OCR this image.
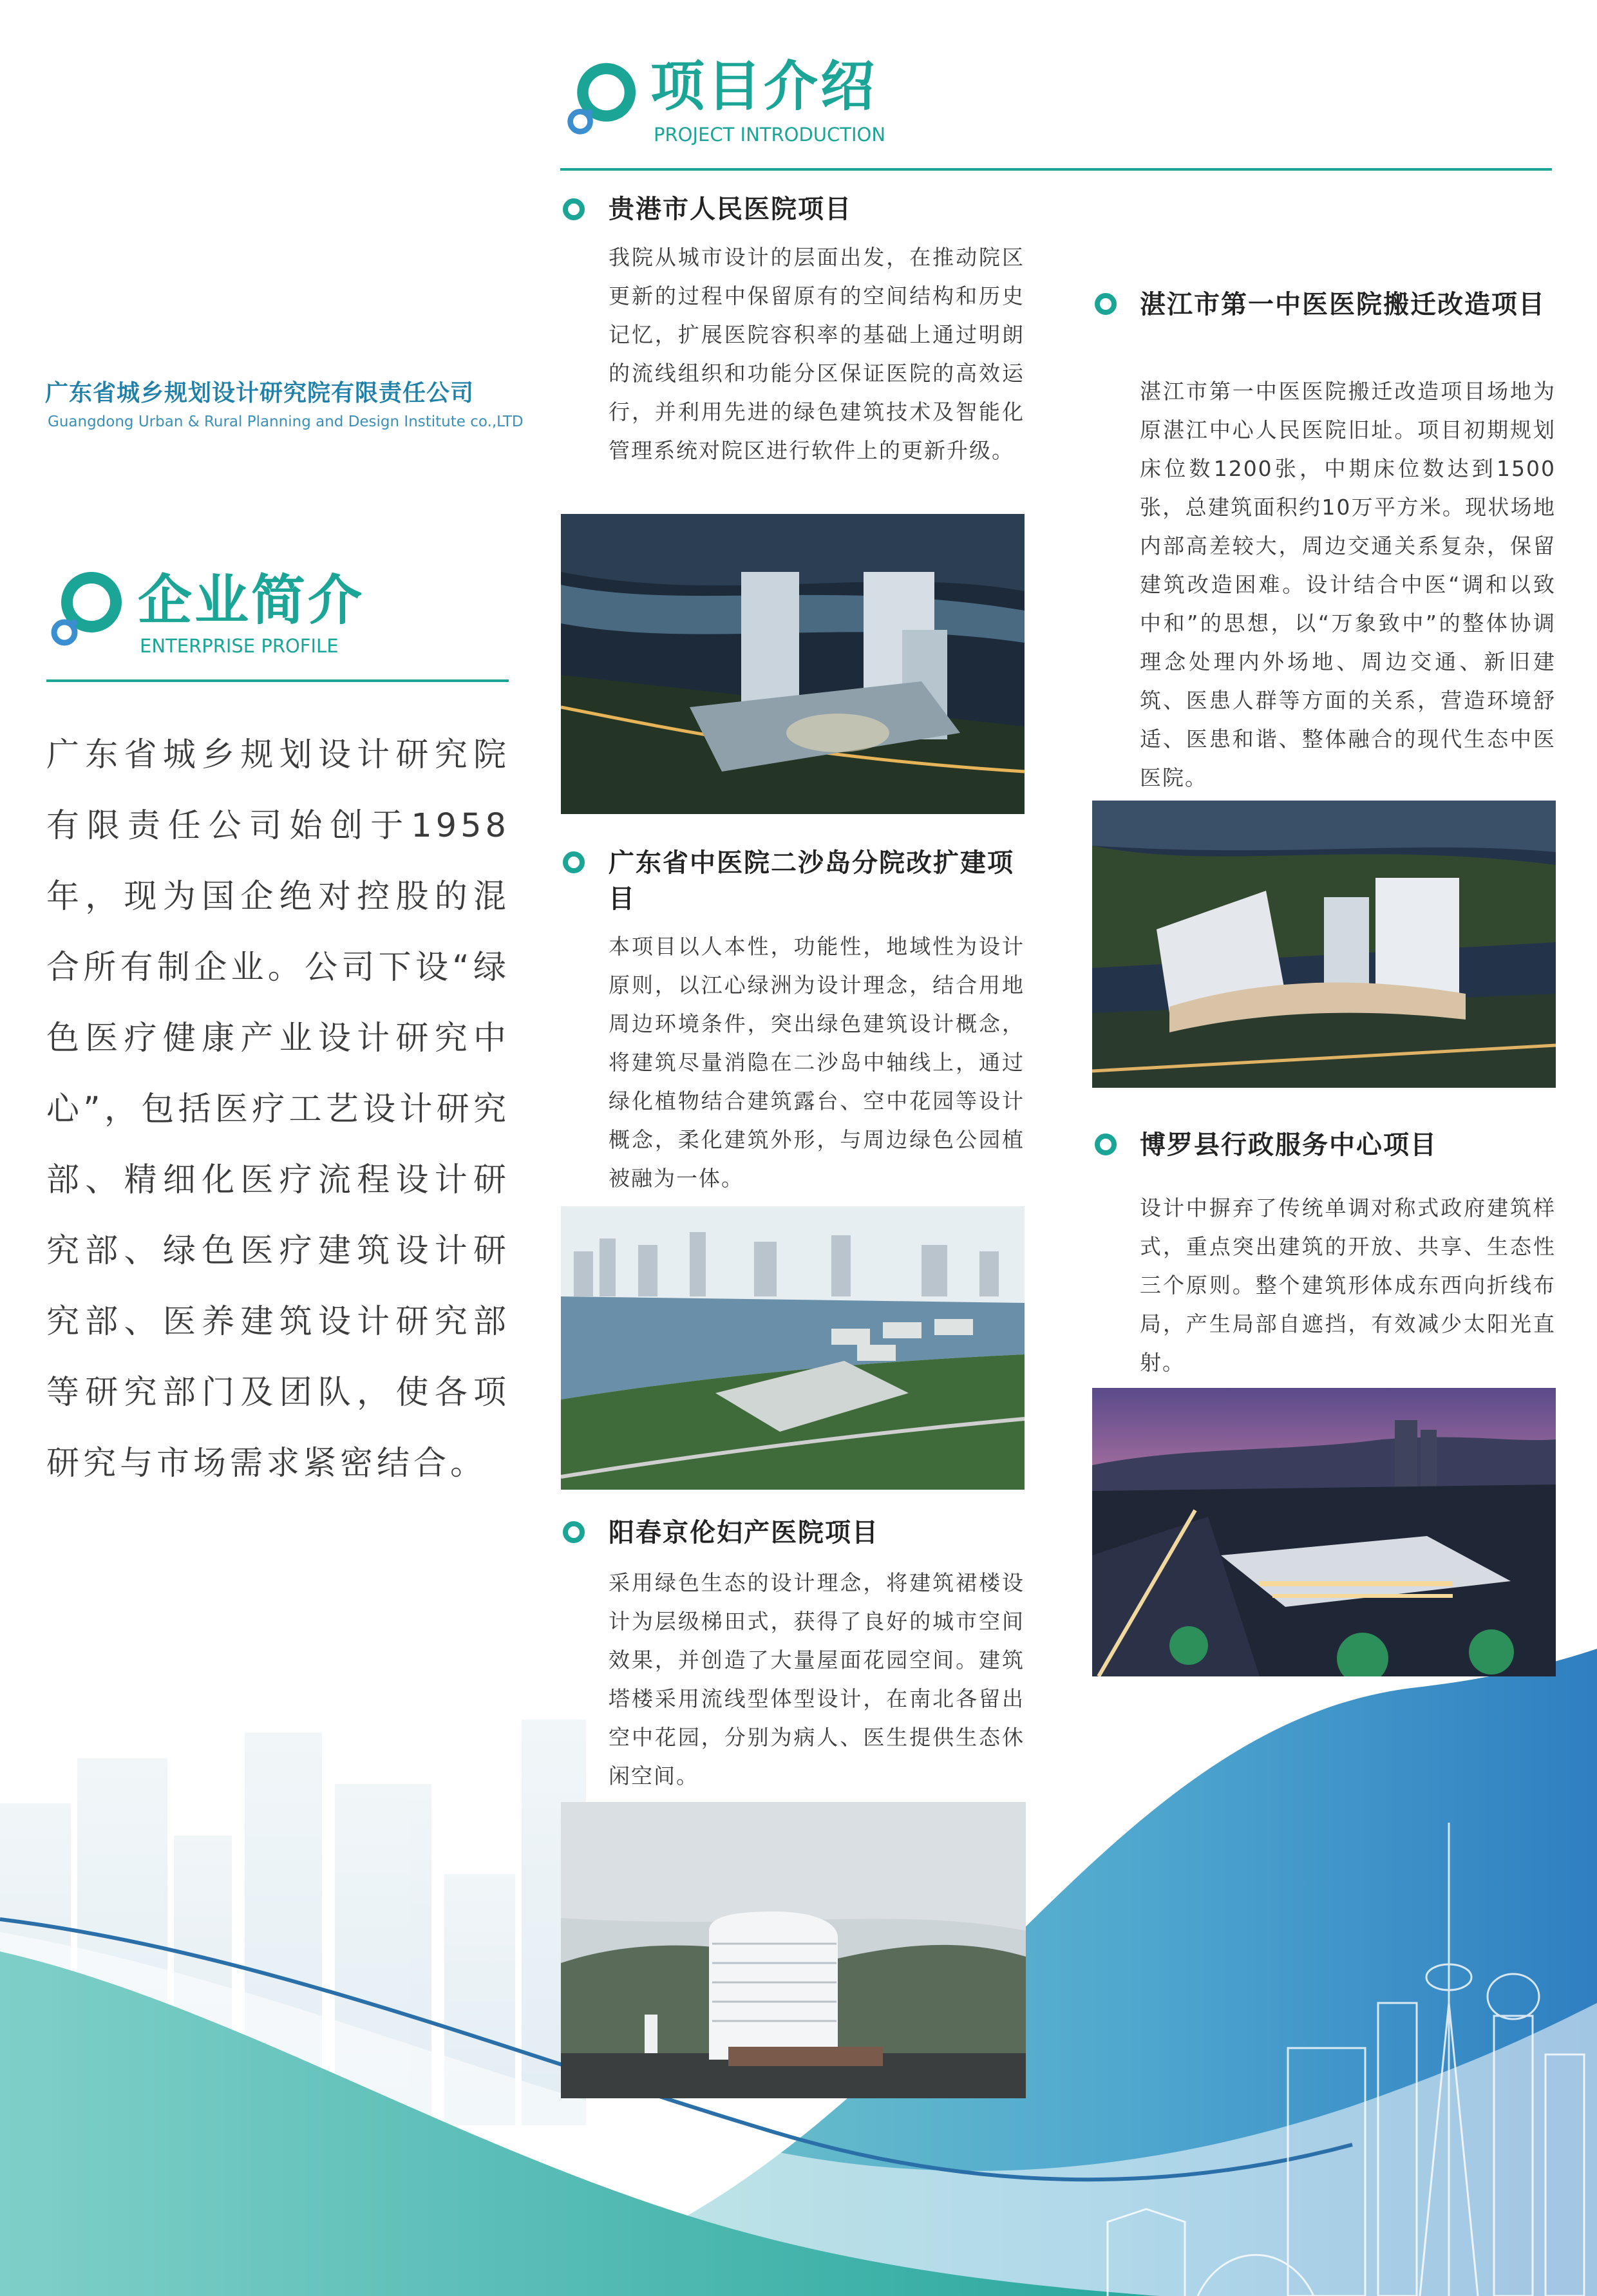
广东省城乡规划设计研究院有限责任公司
Guangdong Urban & Rural Planning and Design Institute co.,LTD
企业简介
ENTERPRISE PROFILE
广东省城乡规划设计研究院有限责任公司始创于1958年，现为国企绝对控股的混合所有制企业。公司下设“绿色医疗健康产业设计研究中心”，包括医疗工艺设计研究部、精细化医疗流程设计研究部、绿色医疗建筑设计研究部、医养建筑设计研究部等研究部门及团队，使各项研究与市场需求紧密结合。
项目介绍
PROJECT INTRODUCTION
贵港市人民医院项目
我院从城市设计的层面出发，在推动院区更新的过程中保留原有的空间结构和历史记忆，扩展医院容积率的基础上通过明朗的流线组织和功能分区保证医院的高效运行，并利用先进的绿色建筑技术及智能化管理系统对院区进行软件上的更新升级。
广东省中医院二沙岛分院改扩建项目
本项目以人本性，功能性，地域性为设计原则，以江心绿洲为设计理念，结合用地周边环境条件，突出绿色建筑设计概念，将建筑尽量消隐在二沙岛中轴线上，通过绿化植物结合建筑露台、空中花园等设计概念，柔化建筑外形，与周边绿色公园植被融为一体。
阳春京伦妇产医院项目
采用绿色生态的设计理念，将建筑裙楼设计为层级梯田式，获得了良好的城市空间效果，并创造了大量屋面花园空间。建筑塔楼采用流线型体型设计，在南北各留出空中花园，分别为病人、医生提供生态休闲空间。
湛江市第一中医医院搬迁改造项目
湛江市第一中医医院搬迁改造项目场地为原湛江中心人民医院旧址。项目初期规划床位数1200张，中期床位数达到1500张，总建筑面积约10万平方米。现状场地内部高差较大，周边交通关系复杂，保留建筑改造困难。设计结合中医“调和以致中和”的思想，以“万象致中”的整体协调理念处理内外场地、周边交通、新旧建筑、医患人群等方面的关系，营造环境舒适、医患和谐、整体融合的现代生态中医医院。
博罗县行政服务中心项目
设计中摒弃了传统单调对称式政府建筑样式，重点突出建筑的开放、共享、生态性三个原则。整个建筑形体成东西向折线布局，产生局部自遮挡，有效减少太阳光直射。
